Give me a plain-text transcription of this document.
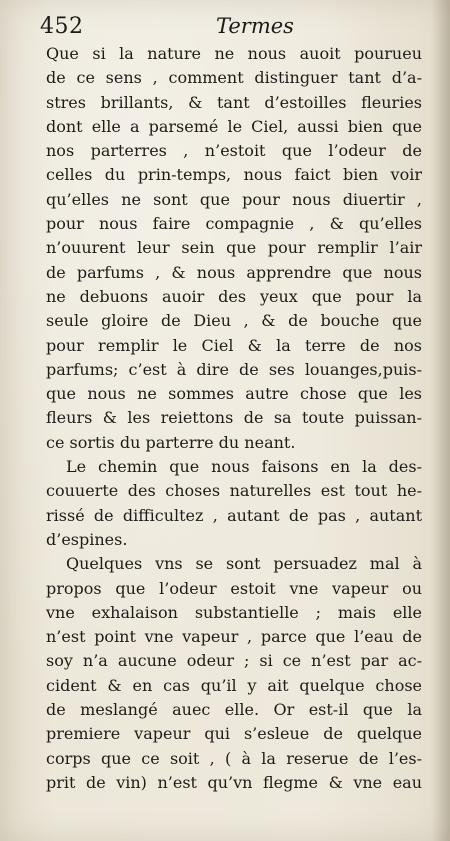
452	Termes

Que si la nature ne nous auoit pourueu
de ce sens , comment distinguer tant d’a-
stres brillants, & tant d’estoilles fleuries
dont elle a parsemé le Ciel, aussi bien que
nos parterres , n’estoit que l’odeur de
celles du prin-temps, nous faict bien voir
qu’elles ne sont que pour nous diuertir ,
pour nous faire compagnie , & qu’elles
n’ouurent leur sein que pour remplir l’air
de parfums , & nous apprendre que nous
ne debuons auoir des yeux que pour la
seule gloire de Dieu , & de bouche que
pour remplir le Ciel & la terre de nos
parfums; c’est à dire de ses louanges,puis-
que nous ne sommes autre chose que les
fleurs & les reiettons de sa toute puissan-
ce sortis du parterre du neant.

Le chemin que nous faisons en la des-
couuerte des choses naturelles est tout he-
rissé de difficultez , autant de pas , autant
d’espines.

Quelques vns se sont persuadez mal à
propos que l’odeur estoit vne vapeur ou
vne exhalaison substantielle ; mais elle
n’est point vne vapeur , parce que l’eau de
soy n’a aucune odeur ; si ce n’est par ac-
cident & en cas qu’il y ait quelque chose
de meslangé auec elle. Or est-il que la
premiere vapeur qui s’esleue de quelque
corps que ce soit , ( à la reserue de l’es-
prit de vin) n’est qu’vn flegme & vne eau
